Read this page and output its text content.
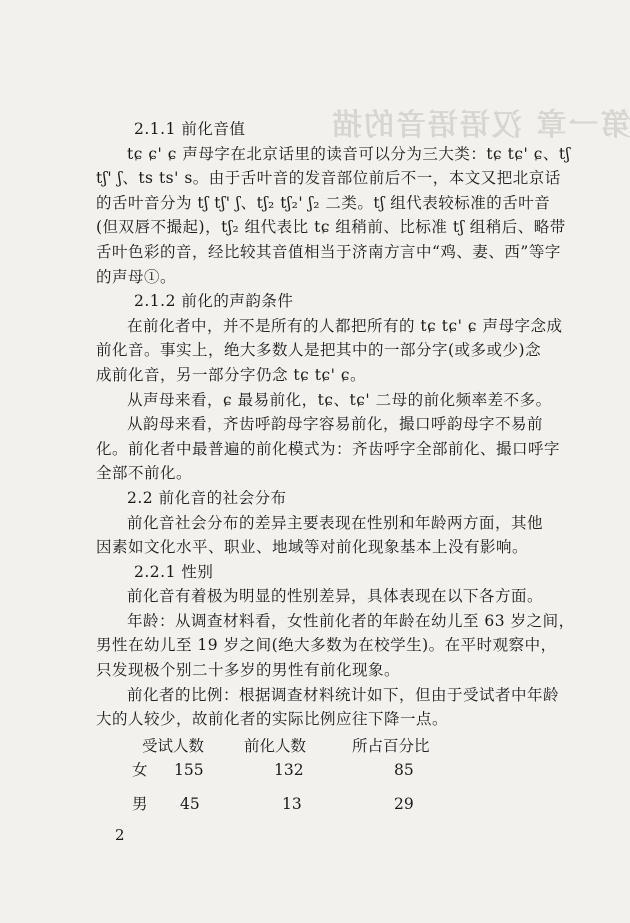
第一章 汉语语音的描
2.1.1 前化音值
tɕ ɕ' ɕ 声母字在北京话里的读音可以分为三大类：tɕ tɕ' ɕ、tʃ
tʃ' ʃ、ts ts' s。由于舌叶音的发音部位前后不一，本文又把北京话
的舌叶音分为 tʃ tʃ' ʃ、tʃ₂ tʃ₂' ʃ₂ 二类。tʃ 组代表较标准的舌叶音
(但双唇不撮起)，tʃ₂ 组代表比 tɕ 组稍前、比标准 tʃ 组稍后、略带
舌叶色彩的音，经比较其音值相当于济南方言中“鸡、妻、西”等字
的声母①。
2.1.2 前化的声韵条件
在前化者中，并不是所有的人都把所有的 tɕ tɕ' ɕ 声母字念成
前化音。事实上，绝大多数人是把其中的一部分字(或多或少)念
成前化音，另一部分字仍念 tɕ tɕ' ɕ。
从声母来看，ɕ 最易前化，tɕ、tɕ' 二母的前化频率差不多。
从韵母来看，齐齿呼韵母字容易前化，撮口呼韵母字不易前
化。前化者中最普遍的前化模式为：齐齿呼字全部前化、撮口呼字
全部不前化。
2.2 前化音的社会分布
前化音社会分布的差异主要表现在性别和年龄两方面，其他
因素如文化水平、职业、地域等对前化现象基本上没有影响。
2.2.1 性别
前化音有着极为明显的性别差异，具体表现在以下各方面。
年龄：从调查材料看，女性前化者的年龄在幼儿至 63 岁之间，
男性在幼儿至 19 岁之间(绝大多数为在校学生)。在平时观察中，
只发现极个别二十多岁的男性有前化现象。
前化者的比例：根据调查材料统计如下，但由于受试者中年龄
大的人较少，故前化者的实际比例应往下降一点。
受试人数	前化人数	所占百分比
女 155	132	85
男 45	13	29
2
